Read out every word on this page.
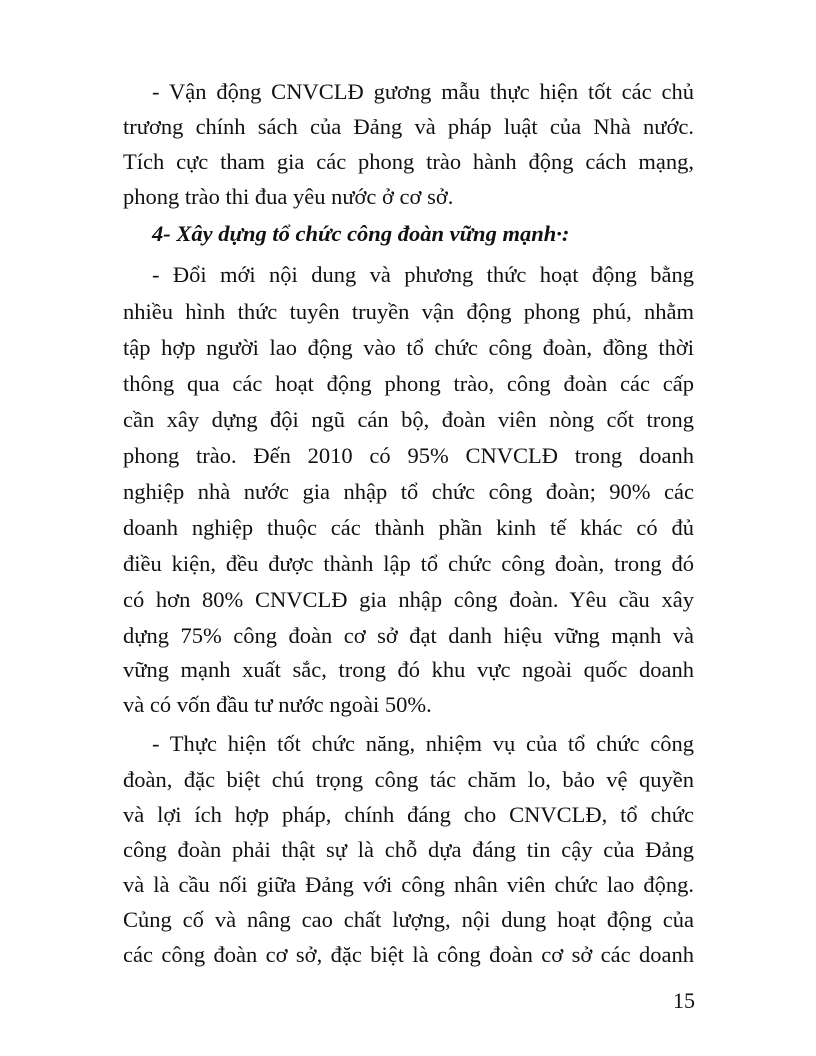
- Vận động CNVCLĐ gương mẫu thực hiện tốt các chủ
trương chính sách của Đảng và pháp luật của Nhà nước.
Tích cực tham gia các phong trào hành động cách mạng,
phong trào thi đua yêu nước ở cơ sở.
4- Xây dựng tổ chức công đoàn vững mạnh·:
- Đổi mới nội dung và phương thức hoạt động bằng
nhiều hình thức tuyên truyền vận động phong phú, nhằm
tập hợp người lao động vào tổ chức công đoàn, đồng thời
thông qua các hoạt động phong trào, công đoàn các cấp
cần xây dựng đội ngũ cán bộ, đoàn viên nòng cốt trong
phong trào. Đến 2010 có 95% CNVCLĐ trong doanh
nghiệp nhà nước gia nhập tổ chức công đoàn; 90% các
doanh nghiệp thuộc các thành phần kinh tế khác có đủ
điều kiện, đều được thành lập tổ chức công đoàn, trong đó
có hơn 80% CNVCLĐ gia nhập công đoàn. Yêu cầu xây
dựng 75% công đoàn cơ sở đạt danh hiệu vững mạnh và
vững mạnh xuất sắc, trong đó khu vực ngoài quốc doanh
và có vốn đầu tư nước ngoài 50%.
- Thực hiện tốt chức năng, nhiệm vụ của tổ chức công
đoàn, đặc biệt chú trọng công tác chăm lo, bảo vệ quyền
và lợi ích hợp pháp, chính đáng cho CNVCLĐ, tổ chức
công đoàn phải thật sự là chỗ dựa đáng tin cậy của Đảng
và là cầu nối giữa Đảng với công nhân viên chức lao động.
Củng cố và nâng cao chất lượng, nội dung hoạt động của
các công đoàn cơ sở, đặc biệt là công đoàn cơ sở các doanh
15
